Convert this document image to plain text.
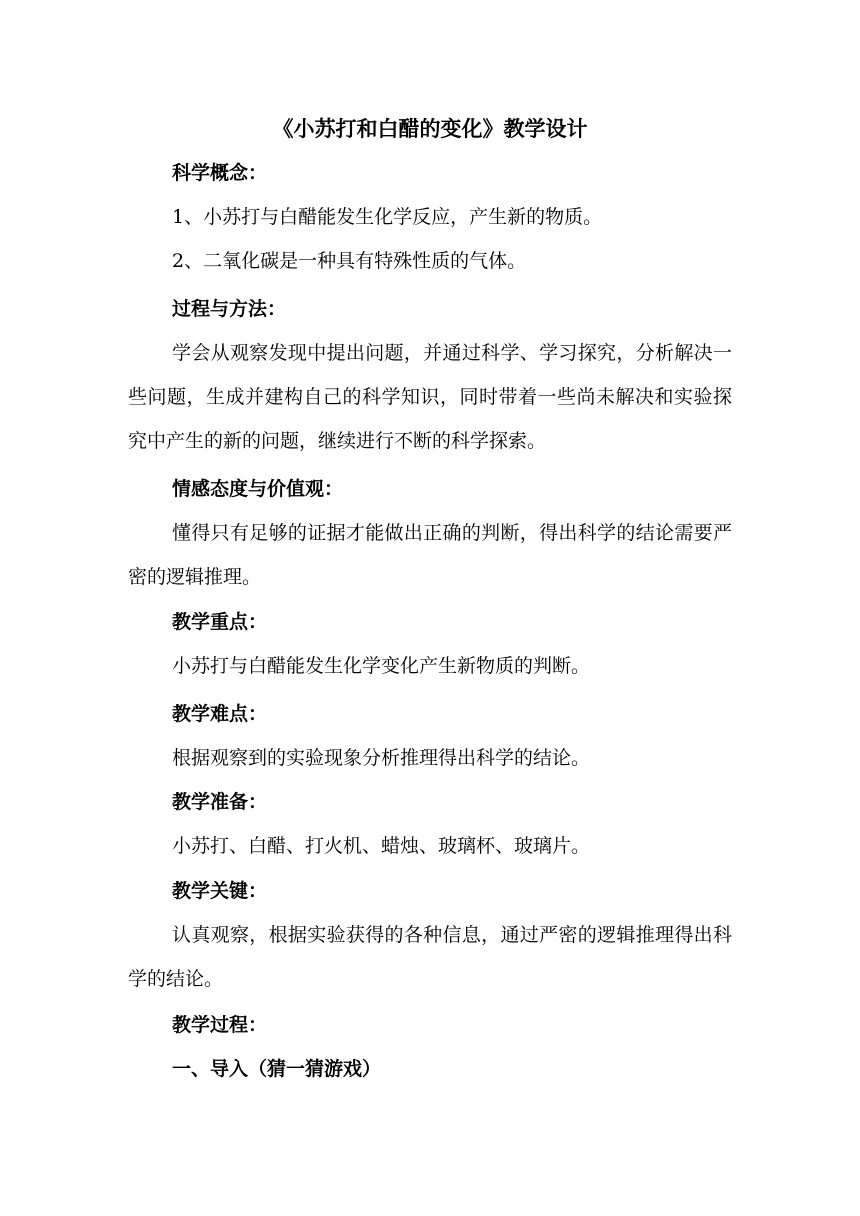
《小苏打和白醋的变化》教学设计
科学概念：
1、小苏打与白醋能发生化学反应，产生新的物质。
2、二氧化碳是一种具有特殊性质的气体。
过程与方法：
学会从观察发现中提出问题，并通过科学、学习探究，分析解决一些问题，生成并建构自己的科学知识，同时带着一些尚未解决和实验探究中产生的新的问题，继续进行不断的科学探索。
情感态度与价值观：
懂得只有足够的证据才能做出正确的判断，得出科学的结论需要严密的逻辑推理。
教学重点：
小苏打与白醋能发生化学变化产生新物质的判断。
教学难点：
根据观察到的实验现象分析推理得出科学的结论。
教学准备：
小苏打、白醋、打火机、蜡烛、玻璃杯、玻璃片。
教学关键：
认真观察，根据实验获得的各种信息，通过严密的逻辑推理得出科学的结论。
教学过程：
一、导入（猜一猜游戏）
